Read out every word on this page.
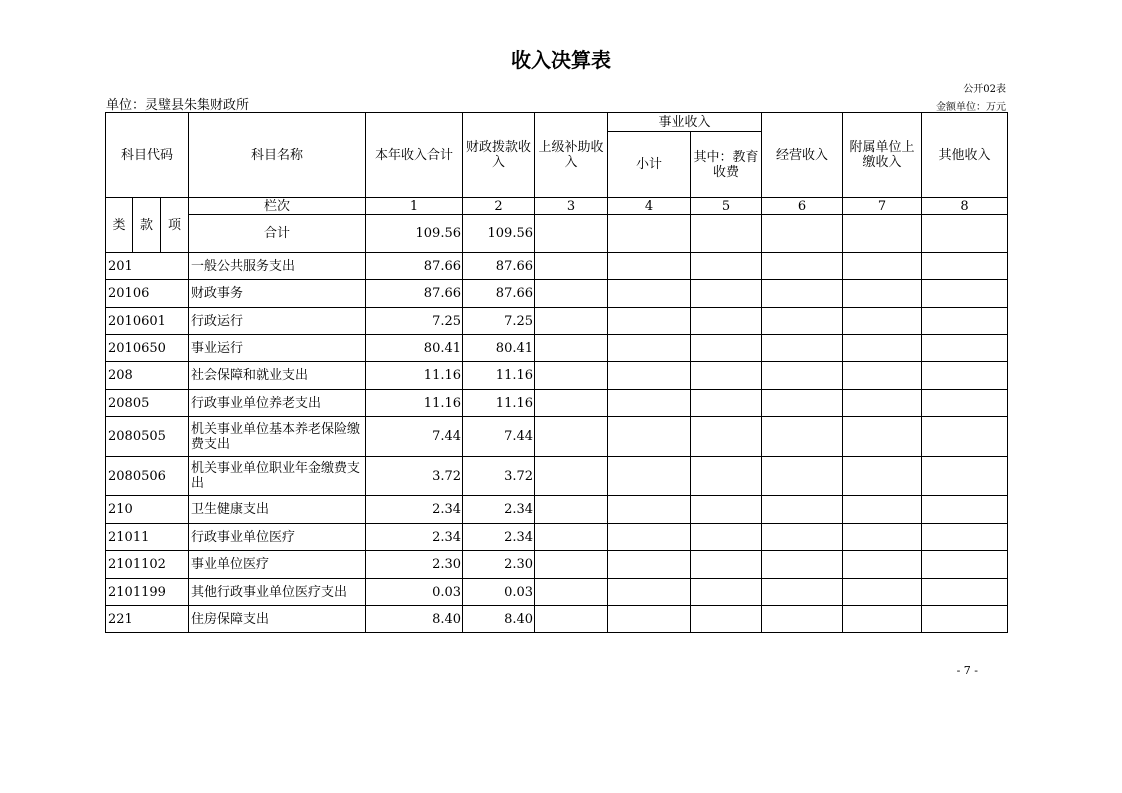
收入决算表
公开02表
单位：灵璧县朱集财政所	金额单位：万元
科目代码			科目名称	本年收入合计	财政拨款收入	上级补助收入	事业收入		经营收入	附属单位上缴收入	其他收入
							小计	其中：教育收费			
类	款	项	栏次	1	2	3	4	5	6	7	8
			合计	109.56	109.56						
201			一般公共服务支出	87.66	87.66						
20106			财政事务	87.66	87.66						
2010601			行政运行	7.25	7.25						
2010650			事业运行	80.41	80.41						
208			社会保障和就业支出	11.16	11.16						
20805			行政事业单位养老支出	11.16	11.16						
2080505			机关事业单位基本养老保险缴费支出	7.44	7.44						
2080506			机关事业单位职业年金缴费支出	3.72	3.72						
210			卫生健康支出	2.34	2.34						
21011			行政事业单位医疗	2.34	2.34						
2101102			事业单位医疗	2.30	2.30						
2101199			其他行政事业单位医疗支出	0.03	0.03						
221			住房保障支出	8.40	8.40						
- 7 -
